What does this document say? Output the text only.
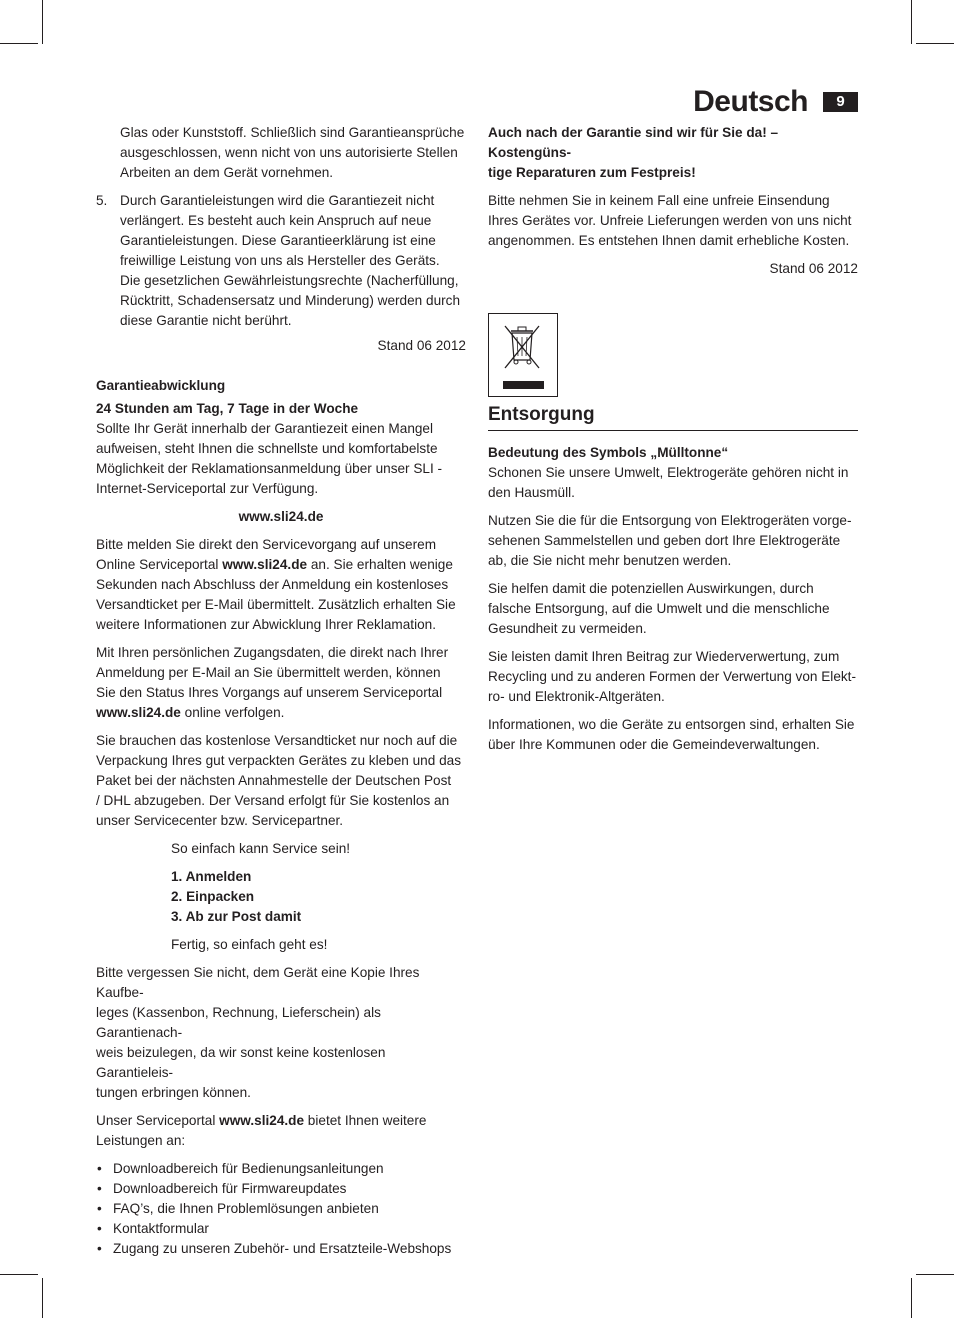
Deutsch	9

Glas oder Kunststoff. Schließlich sind Garantieansprüche
ausgeschlossen, wenn nicht von uns autorisierte Stellen
Arbeiten an dem Gerät vornehmen.

5. Durch Garantieleistungen wird die Garantiezeit nicht
verlängert. Es besteht auch kein Anspruch auf neue
Garantieleistungen. Diese Garantieerklärung ist eine
freiwillige Leistung von uns als Hersteller des Geräts.
Die gesetzlichen Gewährleistungsrechte (Nacherfüllung,
Rücktritt, Schadensersatz und Minderung) werden durch
diese Garantie nicht berührt.

Stand 06 2012

Garantieabwicklung

24 Stunden am Tag, 7 Tage in der Woche

Sollte Ihr Gerät innerhalb der Garantiezeit einen Mangel
aufweisen, steht Ihnen die schnellste und komfortabelste
Möglichkeit der Reklamationsanmeldung über unser SLI -
Internet-Serviceportal zur Verfügung.

www.sli24.de

Bitte melden Sie direkt den Servicevorgang auf unserem
Online Serviceportal www.sli24.de an. Sie erhalten wenige
Sekunden nach Abschluss der Anmeldung ein kostenloses
Versandticket per E-Mail übermittelt. Zusätzlich erhalten Sie
weitere Informationen zur Abwicklung Ihrer Reklamation.

Mit Ihren persönlichen Zugangsdaten, die direkt nach Ihrer
Anmeldung per E-Mail an Sie übermittelt werden, können
Sie den Status Ihres Vorgangs auf unserem Serviceportal
www.sli24.de online verfolgen.

Sie brauchen das kostenlose Versandticket nur noch auf die
Verpackung Ihres gut verpackten Gerätes zu kleben und das
Paket bei der nächsten Annahmestelle der Deutschen Post
/ DHL abzugeben. Der Versand erfolgt für Sie kostenlos an
unser Servicecenter bzw. Servicepartner.

So einfach kann Service sein!

1. Anmelden
2. Einpacken
3. Ab zur Post damit

Fertig, so einfach geht es!

Bitte vergessen Sie nicht, dem Gerät eine Kopie Ihres Kaufbe-
leges (Kassenbon, Rechnung, Lieferschein) als Garantienach-
weis beizulegen, da wir sonst keine kostenlosen Garantieleis-
tungen erbringen können.

Unser Serviceportal www.sli24.de bietet Ihnen weitere
Leistungen an:

• Downloadbereich für Bedienungsanleitungen
• Downloadbereich für Firmwareupdates
• FAQ’s, die Ihnen Problemlösungen anbieten
• Kontaktformular
• Zugang zu unseren Zubehör- und Ersatzteile-Webshops

Auch nach der Garantie sind wir für Sie da! – Kostengüns-
tige Reparaturen zum Festpreis!

Bitte nehmen Sie in keinem Fall eine unfreie Einsendung
Ihres Gerätes vor. Unfreie Lieferungen werden von uns nicht
angenommen. Es entstehen Ihnen damit erhebliche Kosten.

Stand 06 2012

Entsorgung

Bedeutung des Symbols „Mülltonne“

Schonen Sie unsere Umwelt, Elektrogeräte gehören nicht in
den Hausmüll.

Nutzen Sie die für die Entsorgung von Elektrogeräten vorge-
sehenen Sammelstellen und geben dort Ihre Elektrogeräte
ab, die Sie nicht mehr benutzen werden.

Sie helfen damit die potenziellen Auswirkungen, durch
falsche Entsorgung, auf die Umwelt und die menschliche
Gesundheit zu vermeiden.

Sie leisten damit Ihren Beitrag zur Wiederverwertung, zum
Recycling und zu anderen Formen der Verwertung von Elekt-
ro- und Elektronik-Altgeräten.

Informationen, wo die Geräte zu entsorgen sind, erhalten Sie
über Ihre Kommunen oder die Gemeindeverwaltungen.
